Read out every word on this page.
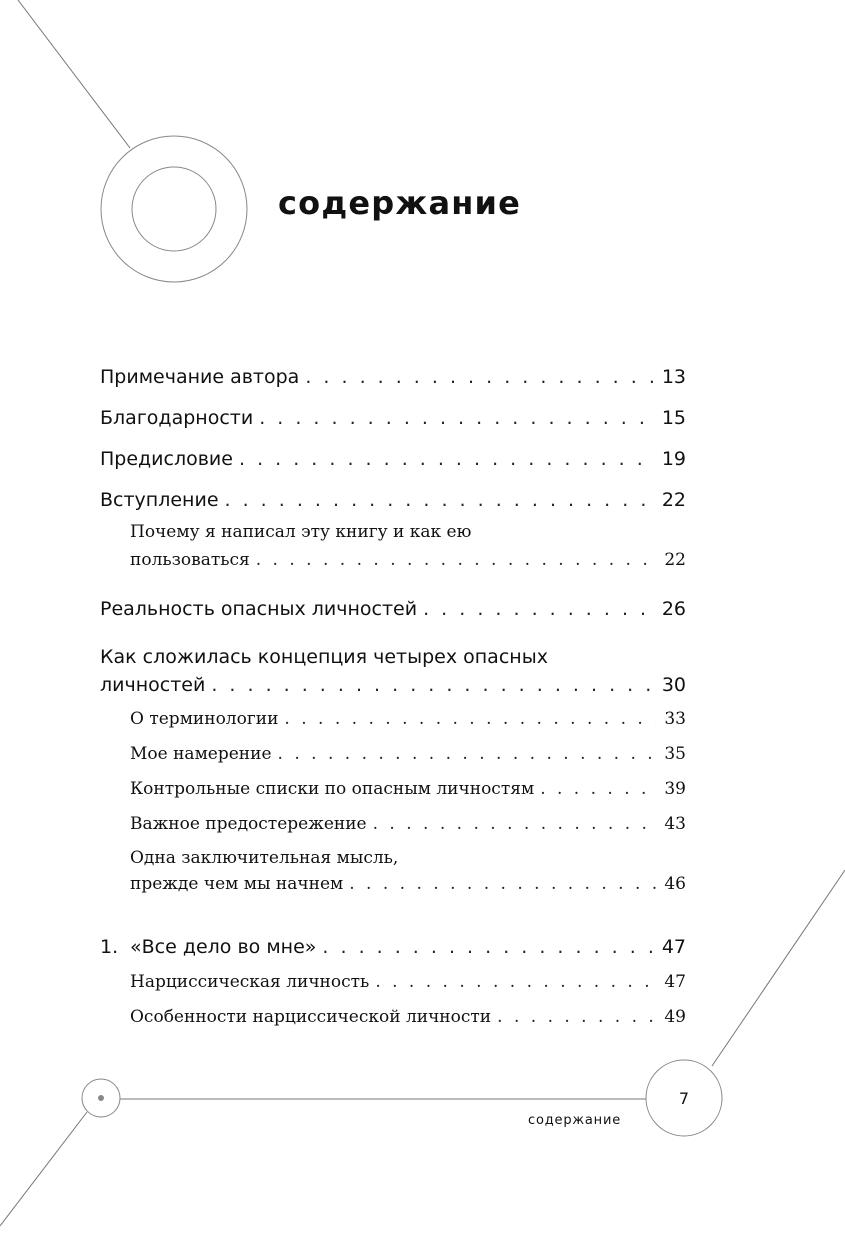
содержание
Примечание автора . . .	13
Благодарности . . .	15
Предисловие . . .	19
Вступление . . .	22
Почему я написал эту книгу и как ею
пользоваться . . .	22
Реальность опасных личностей . . .	26
Как сложилась концепция четырех опасных
личностей . . .	30
О терминологии . . .	33
Мое намерение . . .	35
Контрольные списки по опасным личностям . . .	39
Важное предостережение . . .	43
Одна заключительная мысль,
прежде чем мы начнем . . .	46
1. «Все дело во мне» . . .	47
Нарциссическая личность . . .	47
Особенности нарциссической личности . . .	49
7
содержание
